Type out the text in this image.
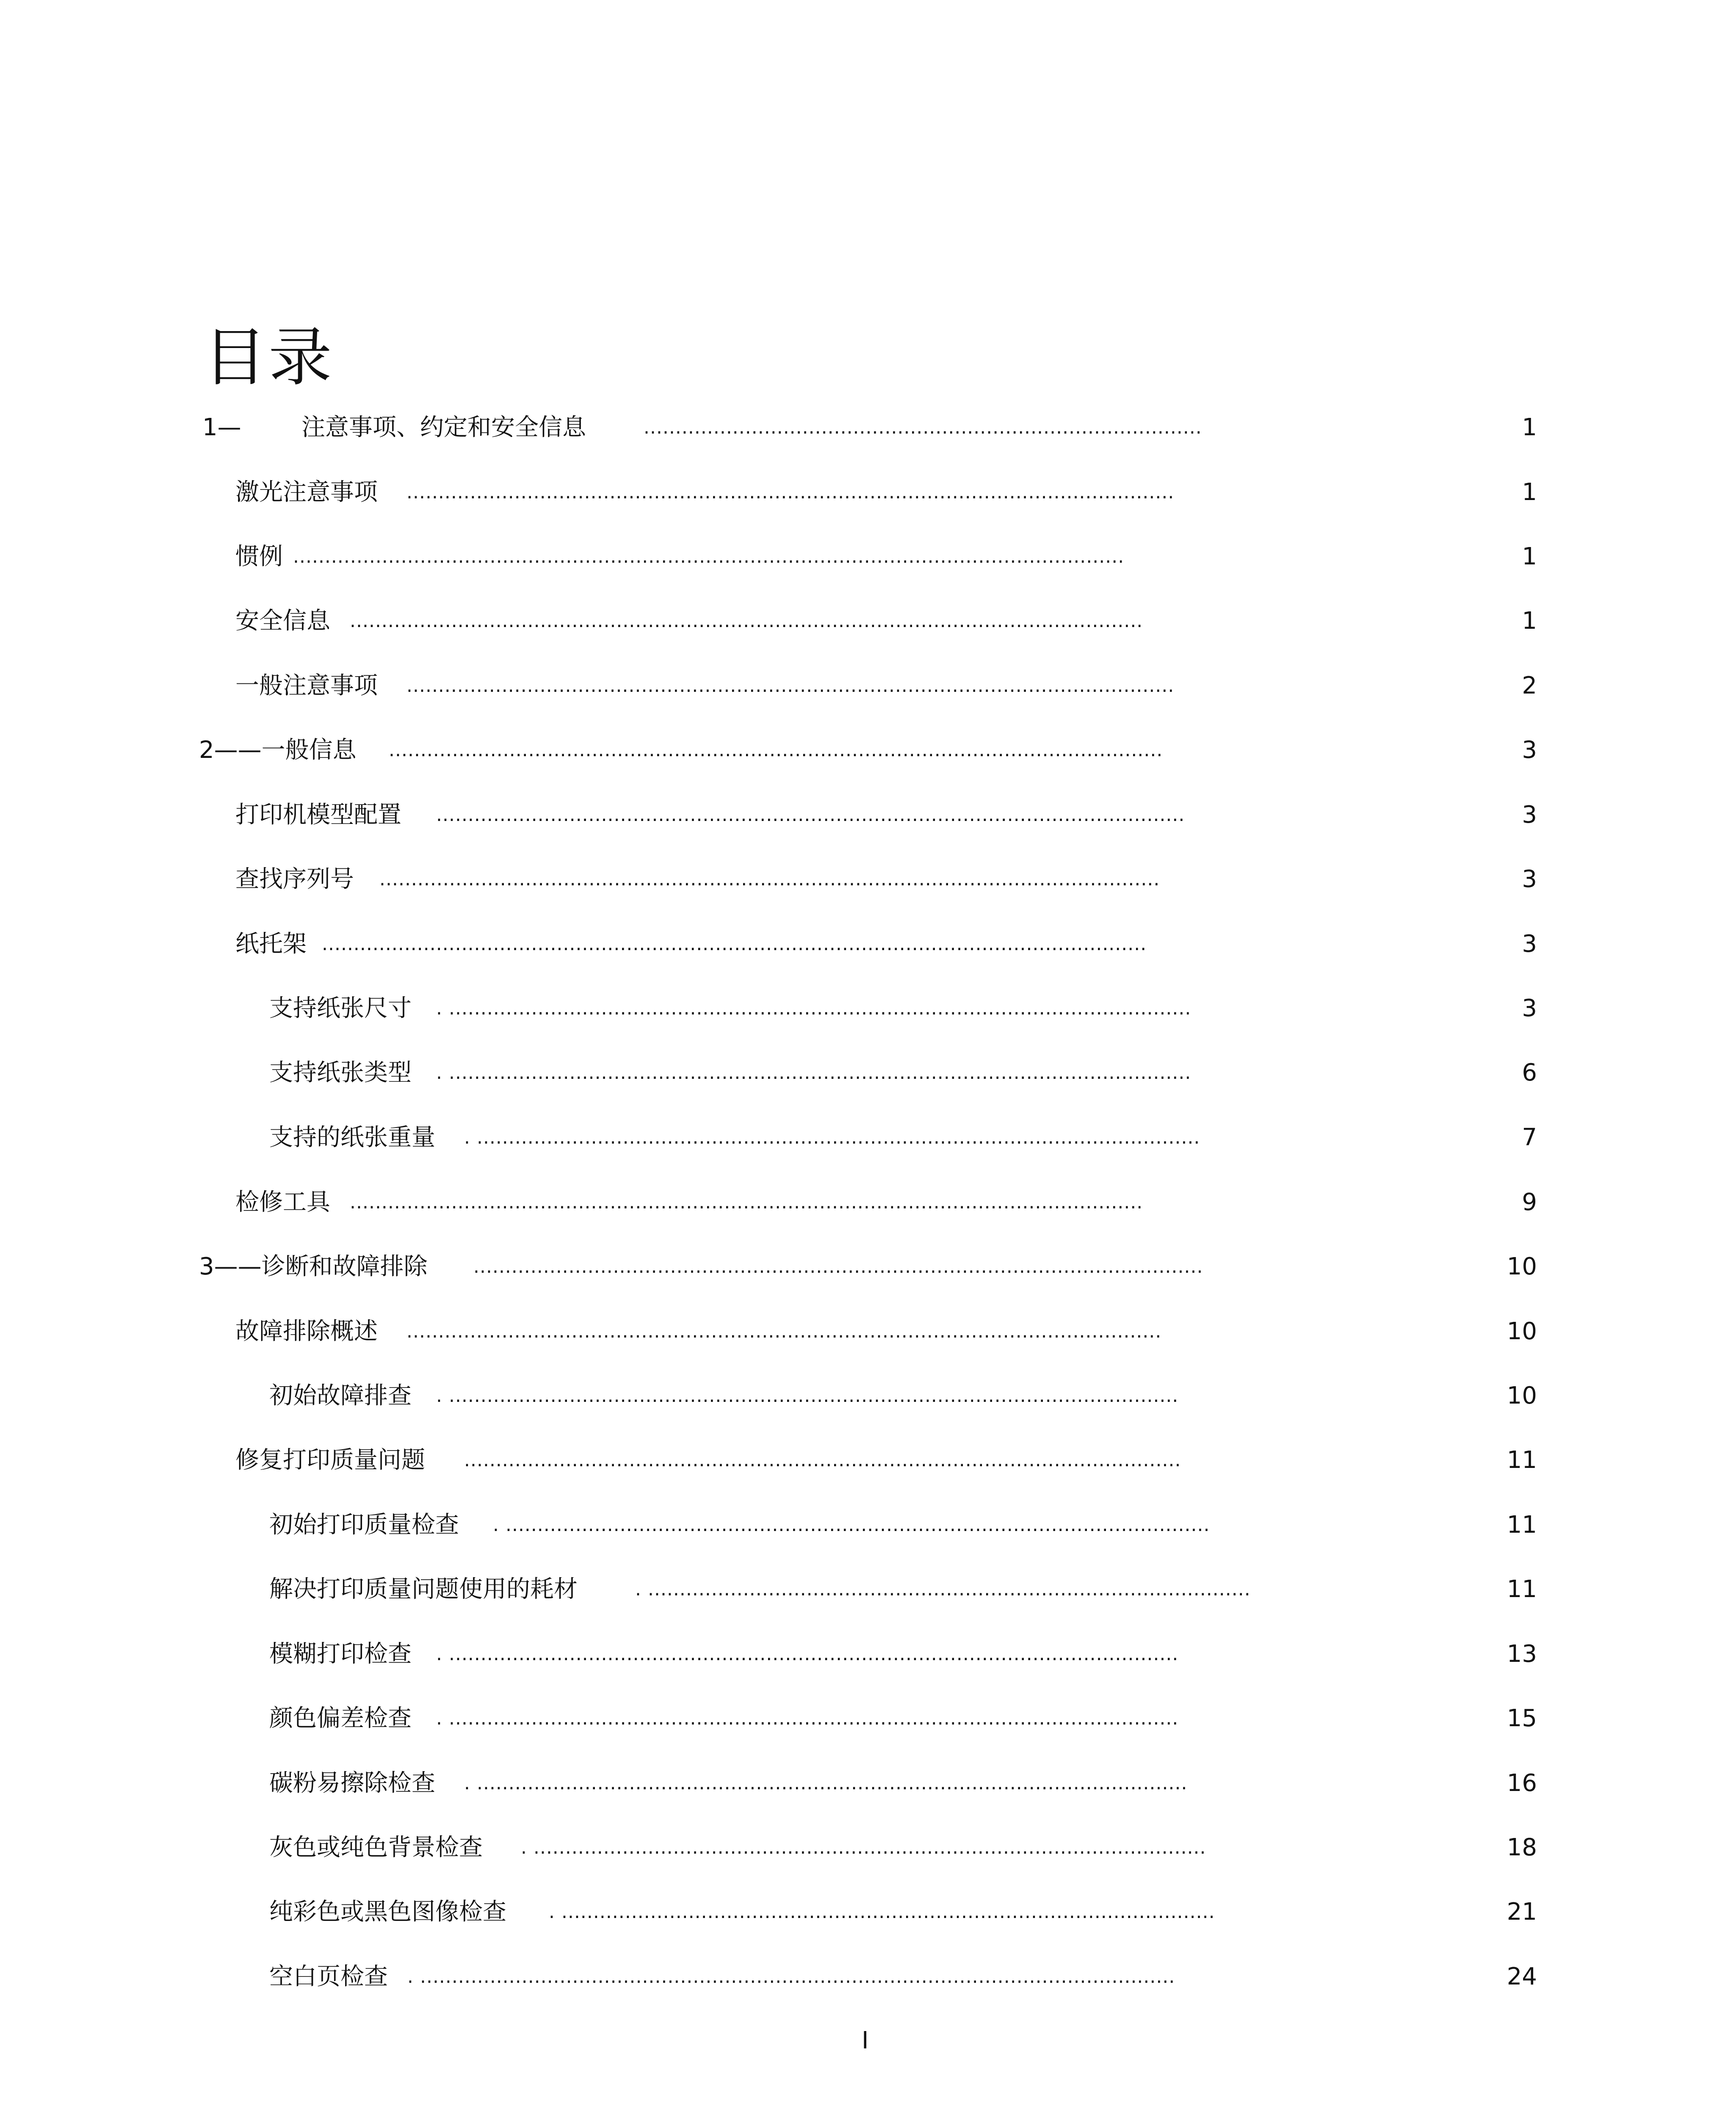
目录
1—        注意事项、约定和安全信息	........................................................................................	1
激光注意事项 .........................................................................................................................	1
惯例 ...................................................................................................................................	1
安全信息 .............................................................................................................................	1
一般注意事项 .........................................................................................................................	2
2——一般信息 ..........................................................................................................................	3
打印机模型配置 ......................................................................................................................	3
查找序列号 ...........................................................................................................................	3
纸托架 ..................................................................................................................................	3
支持纸张尺寸 . .....................................................................................................................	3
支持纸张类型 . .....................................................................................................................	6
支持的纸张重量 . ..................................................................................................................	7
检修工具 .............................................................................................................................	9
3——诊断和故障排除 ...................................................................................................................	10
故障排除概述 .......................................................................................................................	10
初始故障排查 . ...................................................................................................................	10
修复打印质量问题 .................................................................................................................	11
初始打印质量检查 . ...............................................................................................................	11
解决打印质量问题使用的耗材	. ...............................................................................................	11
模糊打印检查 . ...................................................................................................................	13
颜色偏差检查 . ...................................................................................................................	15
碳粉易擦除检查 . ................................................................................................................	16
灰色或纯色背景检查 . ..........................................................................................................	18
纯彩色或黑色图像检查 . .......................................................................................................	21
空白页检查 . .......................................................................................................................	24
I
